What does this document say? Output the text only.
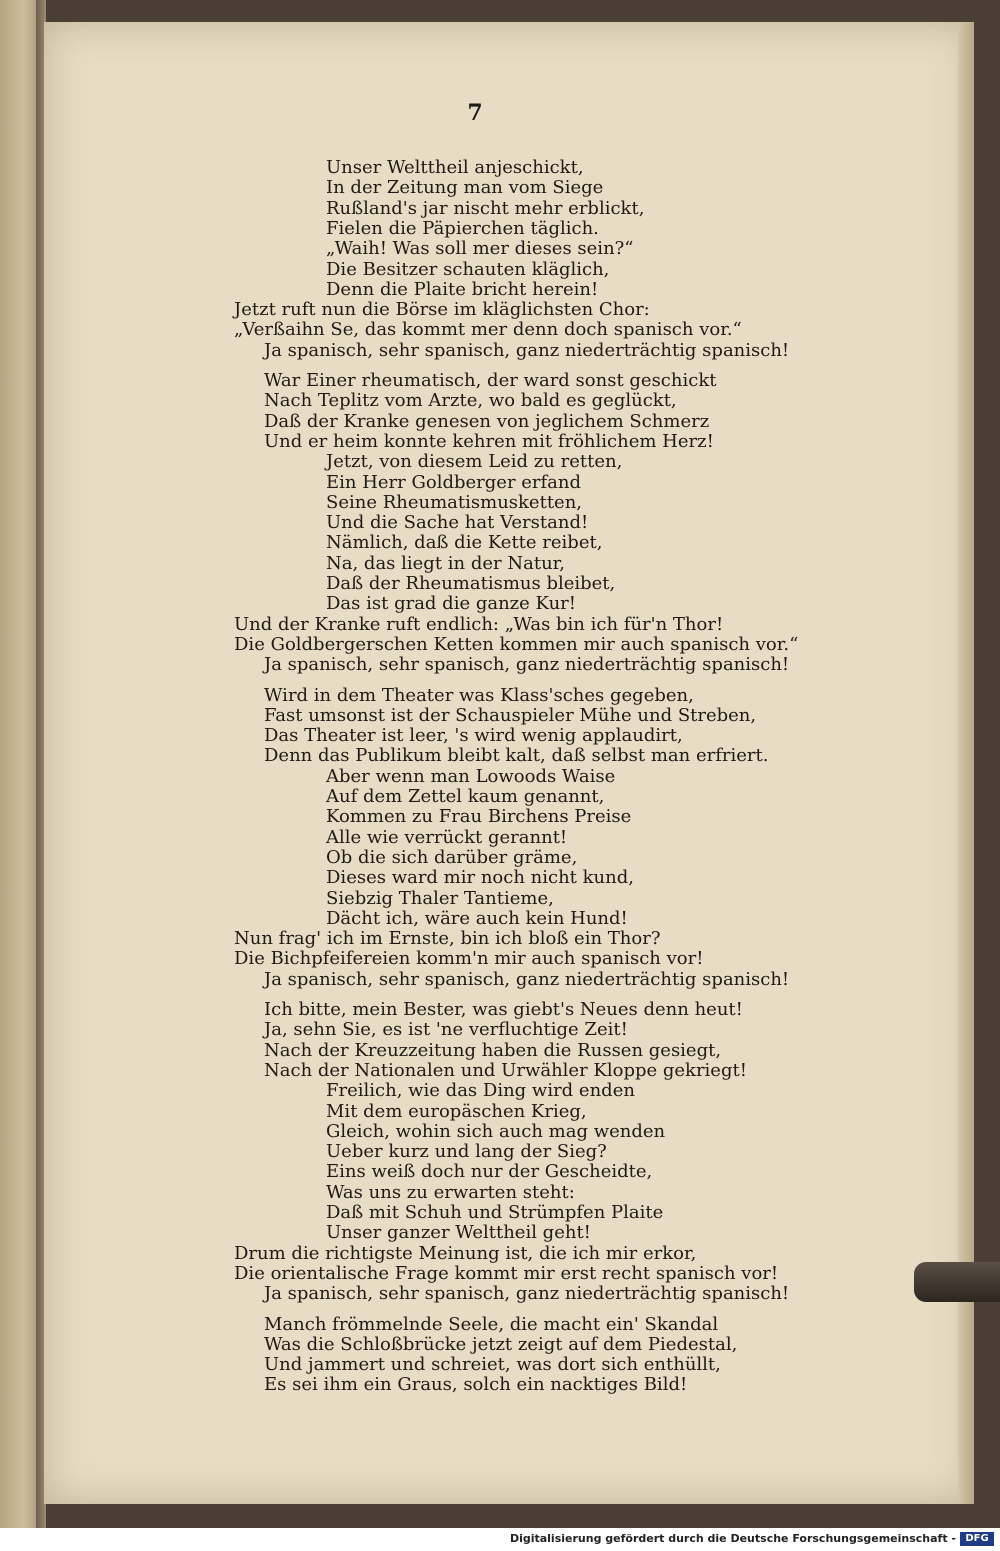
7
Unser Welttheil anjeschickt,
In der Zeitung man vom Siege
Rußland's jar nischt mehr erblickt,
Fielen die Päpierchen täglich.
„Waih! Was soll mer dieses sein?“
Die Besitzer schauten kläglich,
Denn die Plaite bricht herein!
Jetzt ruft nun die Börse im kläglichsten Chor:
„Verßaihn Se, das kommt mer denn doch spanisch vor.“
Ja spanisch, sehr spanisch, ganz niederträchtig spanisch!
War Einer rheumatisch, der ward sonst geschickt
Nach Teplitz vom Arzte, wo bald es geglückt,
Daß der Kranke genesen von jeglichem Schmerz
Und er heim konnte kehren mit fröhlichem Herz!
Jetzt, von diesem Leid zu retten,
Ein Herr Goldberger erfand
Seine Rheumatismusketten,
Und die Sache hat Verstand!
Nämlich, daß die Kette reibet,
Na, das liegt in der Natur,
Daß der Rheumatismus bleibet,
Das ist grad die ganze Kur!
Und der Kranke ruft endlich: „Was bin ich für'n Thor!
Die Goldbergerschen Ketten kommen mir auch spanisch vor.“
Ja spanisch, sehr spanisch, ganz niederträchtig spanisch!
Wird in dem Theater was Klass'sches gegeben,
Fast umsonst ist der Schauspieler Mühe und Streben,
Das Theater ist leer, 's wird wenig applaudirt,
Denn das Publikum bleibt kalt, daß selbst man erfriert.
Aber wenn man Lowoods Waise
Auf dem Zettel kaum genannt,
Kommen zu Frau Birchens Preise
Alle wie verrückt gerannt!
Ob die sich darüber gräme,
Dieses ward mir noch nicht kund,
Siebzig Thaler Tantieme,
Dächt ich, wäre auch kein Hund!
Nun frag' ich im Ernste, bin ich bloß ein Thor?
Die Bichpfeifereien komm'n mir auch spanisch vor!
Ja spanisch, sehr spanisch, ganz niederträchtig spanisch!
Ich bitte, mein Bester, was giebt's Neues denn heut!
Ja, sehn Sie, es ist 'ne verfluchtige Zeit!
Nach der Kreuzzeitung haben die Russen gesiegt,
Nach der Nationalen und Urwähler Kloppe gekriegt!
Freilich, wie das Ding wird enden
Mit dem europäschen Krieg,
Gleich, wohin sich auch mag wenden
Ueber kurz und lang der Sieg?
Eins weiß doch nur der Gescheidte,
Was uns zu erwarten steht:
Daß mit Schuh und Strümpfen Plaite
Unser ganzer Welttheil geht!
Drum die richtigste Meinung ist, die ich mir erkor,
Die orientalische Frage kommt mir erst recht spanisch vor!
Ja spanisch, sehr spanisch, ganz niederträchtig spanisch!
Manch frömmelnde Seele, die macht ein' Skandal
Was die Schloßbrücke jetzt zeigt auf dem Piedestal,
Und jammert und schreiet, was dort sich enthüllt,
Es sei ihm ein Graus, solch ein nacktiges Bild!
Digitalisierung gefördert durch die Deutsche Forschungsgemeinschaft - DFG
